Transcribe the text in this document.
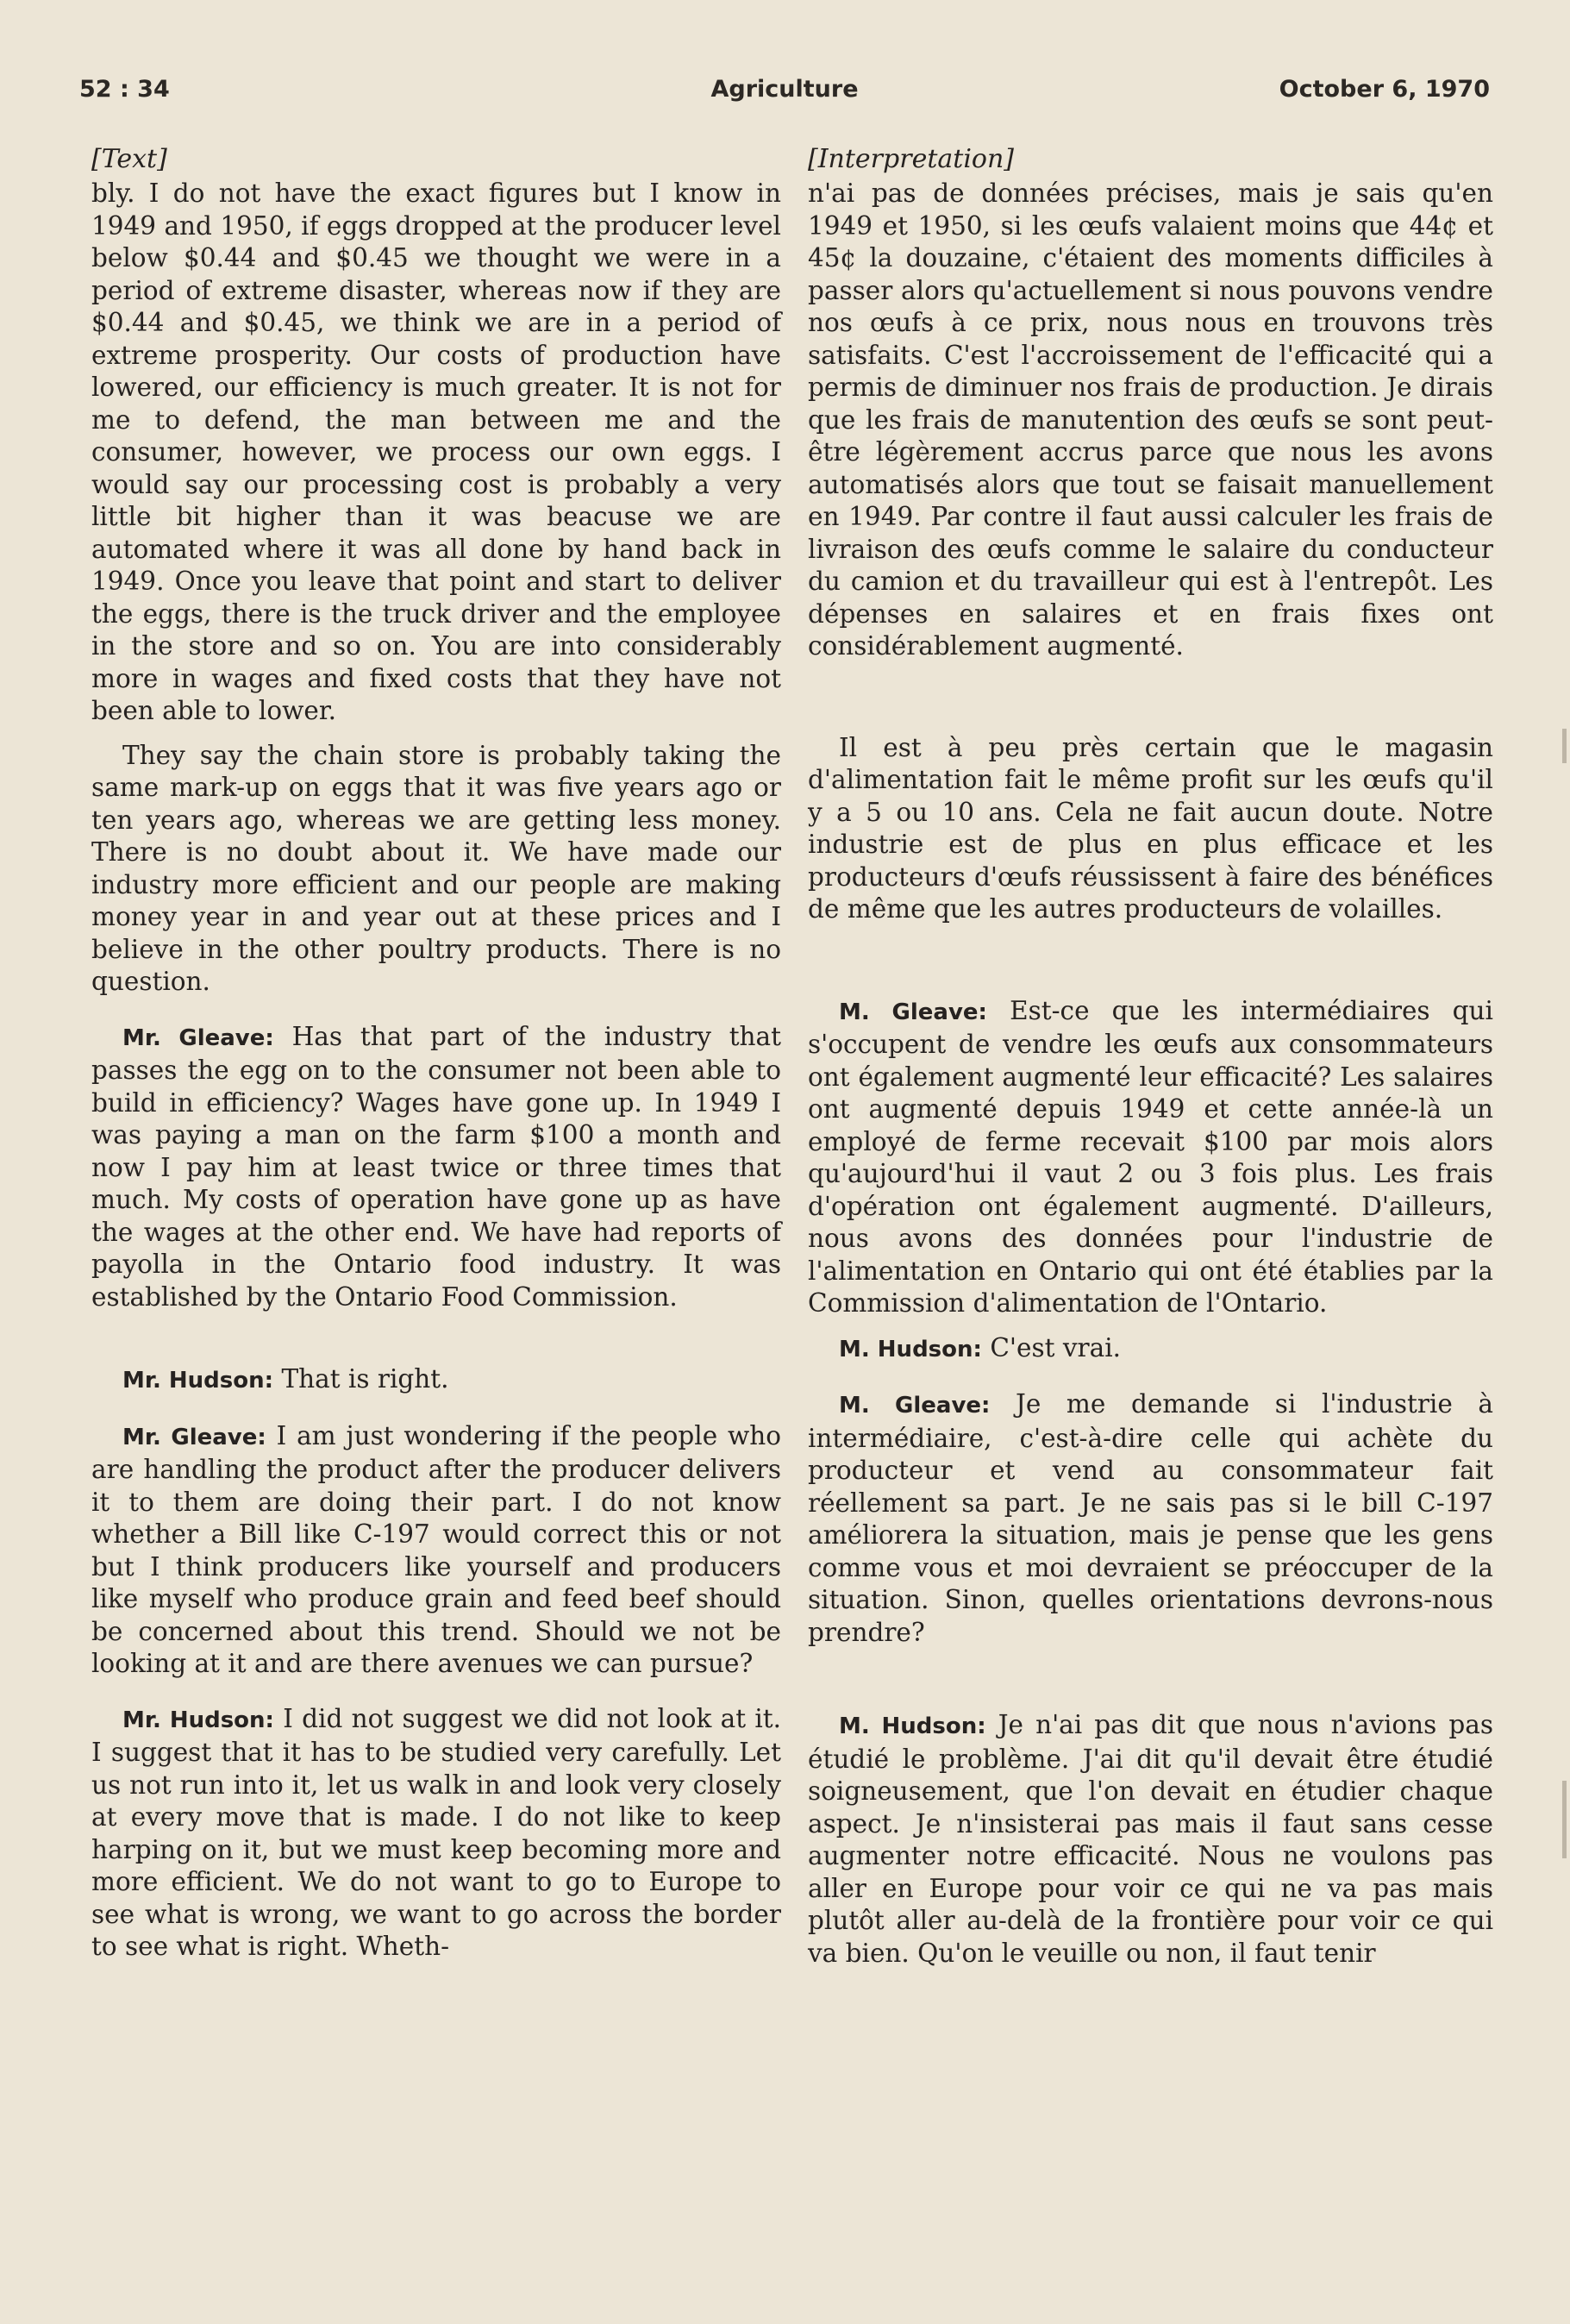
52 : 34	Agriculture	October 6, 1970
[Text]

bly. I do not have the exact figures but I know in 1949 and 1950, if eggs dropped at the producer level below $0.44 and $0.45 we thought we were in a period of extreme disaster, whereas now if they are $0.44 and $0.45, we think we are in a period of extreme prosperity. Our costs of production have lowered, our efficiency is much greater. It is not for me to defend, the man between me and the consumer, however, we process our own eggs. I would say our processing cost is probably a very little bit higher than it was beacuse we are automated where it was all done by hand back in 1949. Once you leave that point and start to deliver the eggs, there is the truck driver and the employee in the store and so on. You are into considerably more in wages and fixed costs that they have not been able to lower.

They say the chain store is probably taking the same mark-up on eggs that it was five years ago or ten years ago, whereas we are getting less money. There is no doubt about it. We have made our industry more efficient and our people are making money year in and year out at these prices and I believe in the other poultry products. There is no question.

Mr. Gleave: Has that part of the industry that passes the egg on to the consumer not been able to build in efficiency? Wages have gone up. In 1949 I was paying a man on the farm $100 a month and now I pay him at least twice or three times that much. My costs of operation have gone up as have the wages at the other end. We have had reports of payolla in the Ontario food industry. It was established by the Ontario Food Commission.

Mr. Hudson: That is right.

Mr. Gleave: I am just wondering if the people who are handling the product after the producer delivers it to them are doing their part. I do not know whether a Bill like C-197 would correct this or not but I think producers like yourself and producers like myself who produce grain and feed beef should be concerned about this trend. Should we not be looking at it and are there avenues we can pursue?

Mr. Hudson: I did not suggest we did not look at it. I suggest that it has to be studied very carefully. Let us not run into it, let us walk in and look very closely at every move that is made. I do not like to keep harping on it, but we must keep becoming more and more efficient. We do not want to go to Europe to see what is wrong, we want to go across the border to see what is right. Wheth-

[Interpretation]

n'ai pas de données précises, mais je sais qu'en 1949 et 1950, si les œufs valaient moins que 44¢ et 45¢ la douzaine, c'étaient des moments difficiles à passer alors qu'actuellement si nous pouvons vendre nos œufs à ce prix, nous nous en trouvons très satisfaits. C'est l'accroissement de l'efficacité qui a permis de diminuer nos frais de production. Je dirais que les frais de manutention des œufs se sont peut-être légèrement accrus parce que nous les avons automatisés alors que tout se faisait manuellement en 1949. Par contre il faut aussi calculer les frais de livraison des œufs comme le salaire du conducteur du camion et du travailleur qui est à l'entrepôt. Les dépenses en salaires et en frais fixes ont considérablement augmenté.

Il est à peu près certain que le magasin d'alimentation fait le même profit sur les œufs qu'il y a 5 ou 10 ans. Cela ne fait aucun doute. Notre industrie est de plus en plus efficace et les producteurs d'œufs réussissent à faire des bénéfices de même que les autres producteurs de volailles.

M. Gleave: Est-ce que les intermédiaires qui s'occupent de vendre les œufs aux consommateurs ont également augmenté leur efficacité? Les salaires ont augmenté depuis 1949 et cette année-là un employé de ferme recevait $100 par mois alors qu'aujourd'hui il vaut 2 ou 3 fois plus. Les frais d'opération ont également augmenté. D'ailleurs, nous avons des données pour l'industrie de l'alimentation en Ontario qui ont été établies par la Commission d'alimentation de l'Ontario.

M. Hudson: C'est vrai.

M. Gleave: Je me demande si l'industrie à intermédiaire, c'est-à-dire celle qui achète du producteur et vend au consommateur fait réellement sa part. Je ne sais pas si le bill C-197 améliorera la situation, mais je pense que les gens comme vous et moi devraient se préoccuper de la situation. Sinon, quelles orientations devrons-nous prendre?

M. Hudson: Je n'ai pas dit que nous n'avions pas étudié le problème. J'ai dit qu'il devait être étudié soigneusement, que l'on devait en étudier chaque aspect. Je n'insisterai pas mais il faut sans cesse augmenter notre efficacité. Nous ne voulons pas aller en Europe pour voir ce qui ne va pas mais plutôt aller au-delà de la frontière pour voir ce qui va bien. Qu'on le veuille ou non, il faut tenir
